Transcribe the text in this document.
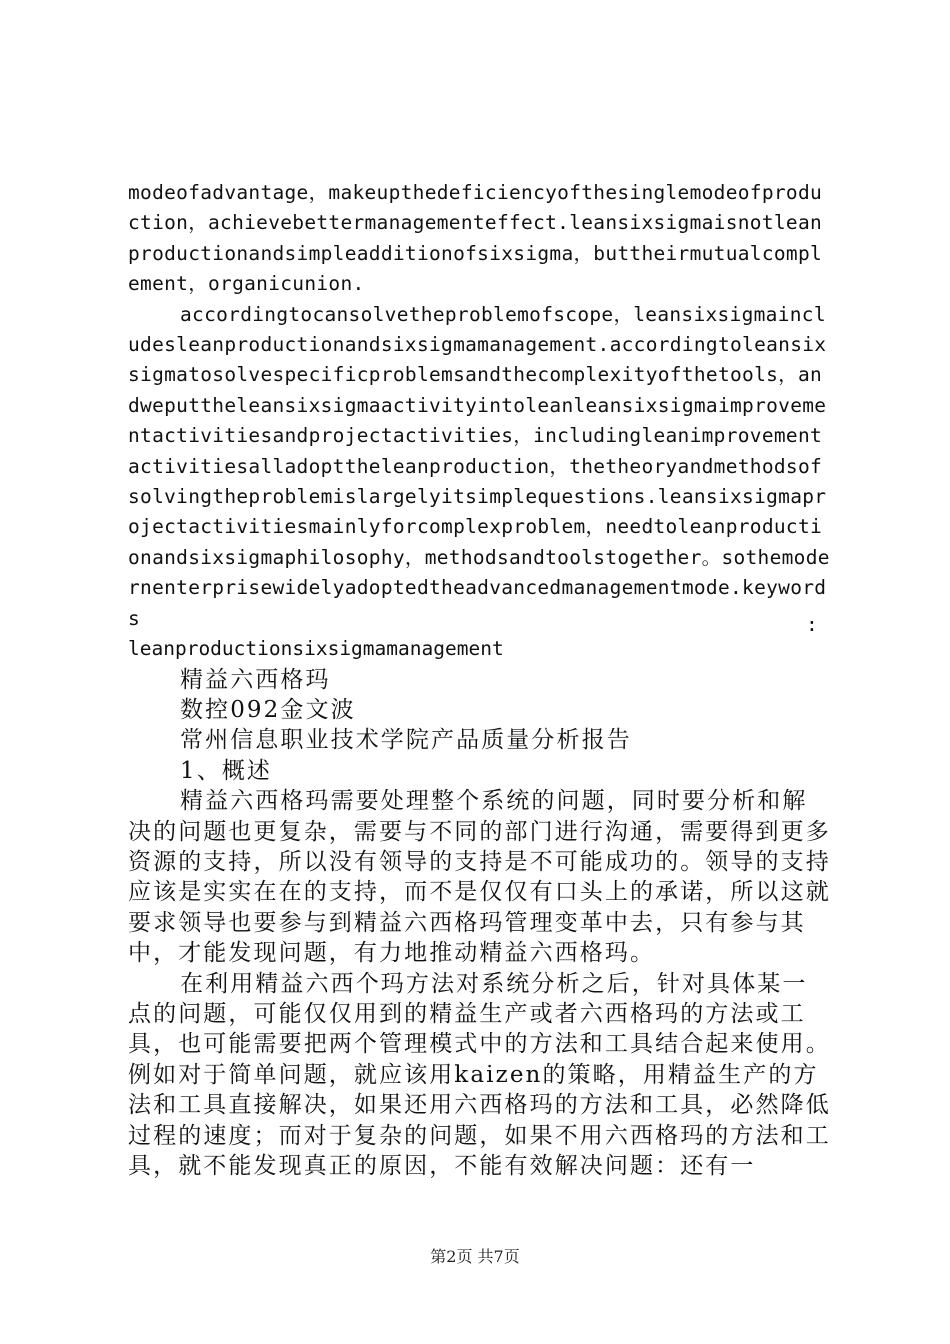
modeofadvantage，makeupthedeficiencyofthesinglemodeofproduction，achievebettermanagementeffect.leansixsigmaisnotleanproductionandsimpleadditionofsixsigma，buttheirmutualcomplement，organicunion.

accordingtocansolvetheproblemofscope，leansixsigmaincludesleanproductionandsixsigmamanagement.accordingtoleansixsigmatosolvespecificproblemsandthecomplexityofthetools，andweputtheleansixsigmaactivityintoleanleansixsigmaimprovementactivitiesandprojectactivities，includingleanimprovementactivitiesalladopttheleanproduction，thetheoryandmethodsofsolvingtheproblemislargelyitsimplequestions.leansixsigmaprojectactivitiesmainlyforcomplexproblem，needtoleanproductionandsixsigmaphilosophy，methodsandtoolstogether。sothemodernenterprisewidelyadoptedtheadvancedmanagementmode.keywords

leanproductionsixsigmamanagement

精益六西格玛

数控092金文波

常州信息职业技术学院产品质量分析报告

1、概述

精益六西格玛需要处理整个系统的问题，同时要分析和解决的问题也更复杂，需要与不同的部门进行沟通，需要得到更多资源的支持，所以没有领导的支持是不可能成功的。领导的支持应该是实实在在的支持，而不是仅仅有口头上的承诺，所以这就要求领导也要参与到精益六西格玛管理变革中去，只有参与其中，才能发现问题，有力地推动精益六西格玛。

在利用精益六西个玛方法对系统分析之后，针对具体某一点的问题，可能仅仅用到的精益生产或者六西格玛的方法或工具，也可能需要把两个管理模式中的方法和工具结合起来使用。例如对于简单问题，就应该用kaizen的策略，用精益生产的方法和工具直接解决，如果还用六西格玛的方法和工具，必然降低过程的速度；而对于复杂的问题，如果不用六西格玛的方法和工具，就不能发现真正的原因，不能有效解决问题：还有一

第2页 共7页
:
